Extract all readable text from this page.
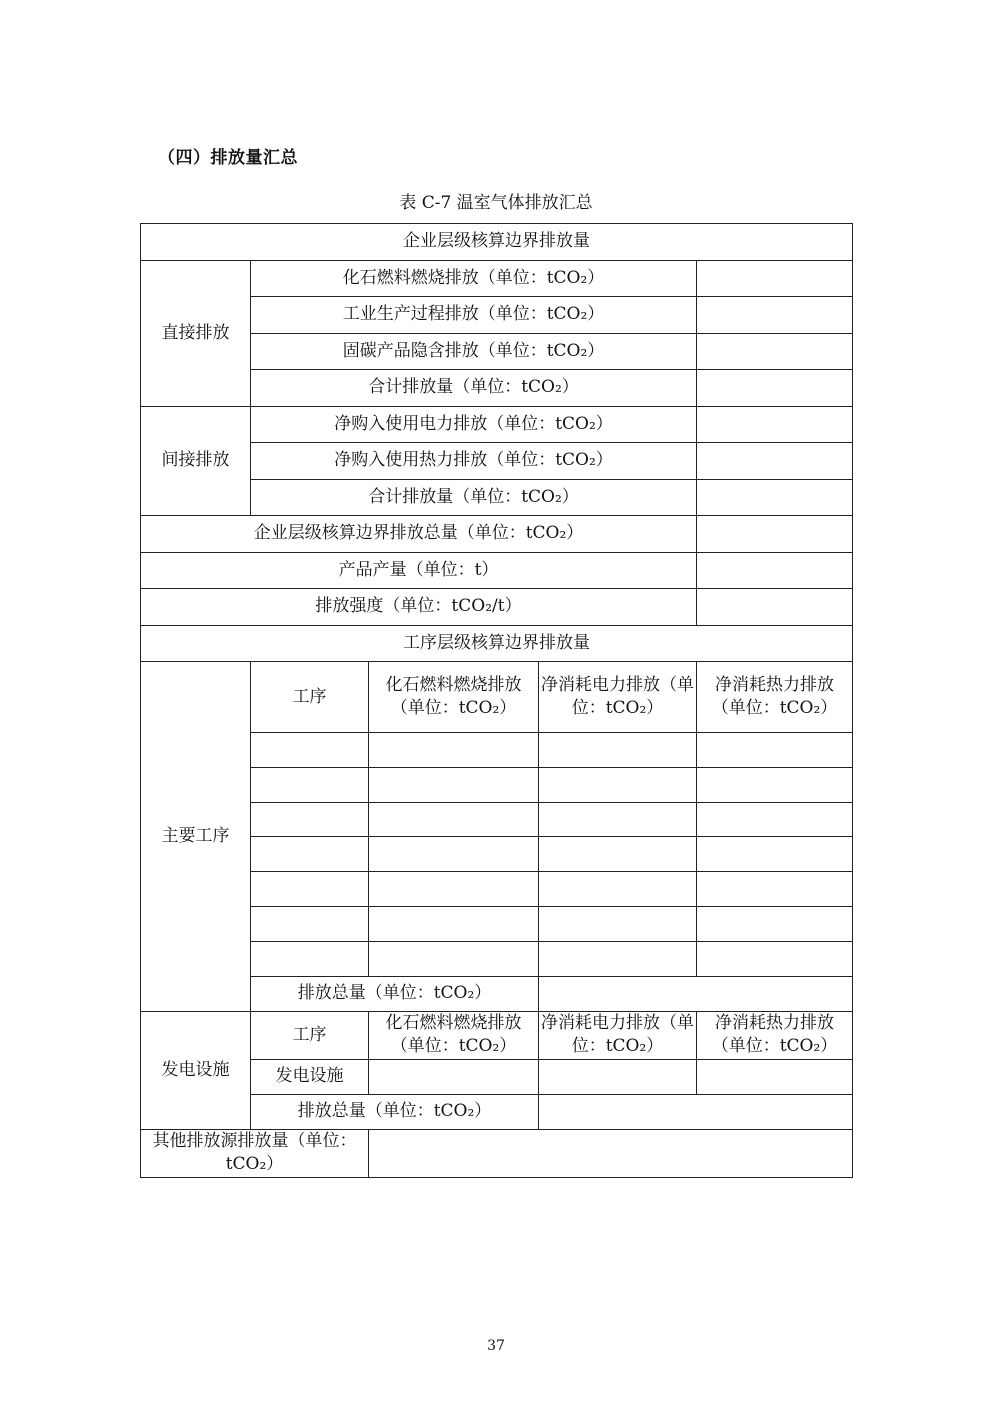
（四）排放量汇总
表 C-7 温室气体排放汇总
企业层级核算边界排放量				
直接排放	化石燃料燃烧排放（单位：tCO₂）			
	工业生产过程排放（单位：tCO₂）			
	固碳产品隐含排放（单位：tCO₂）			
	合计排放量（单位：tCO₂）			
间接排放	净购入使用电力排放（单位：tCO₂）			
	净购入使用热力排放（单位：tCO₂）			
	合计排放量（单位：tCO₂）			
企业层级核算边界排放总量（单位：tCO₂）				
产品产量（单位：t）				
排放强度（单位：tCO₂/t）				
工序层级核算边界排放量				
主要工序	工序	化石燃料燃烧排放（单位：tCO₂）	净消耗电力排放（单位：tCO₂）	净消耗热力排放（单位：tCO₂）

	排放总量（单位：tCO₂）			
发电设施	工序	化石燃料燃烧排放（单位：tCO₂）	净消耗电力排放（单位：tCO₂）	净消耗热力排放（单位：tCO₂）
	发电设施			
	排放总量（单位：tCO₂）			
其他排放源排放量（单位：tCO₂）				
37
